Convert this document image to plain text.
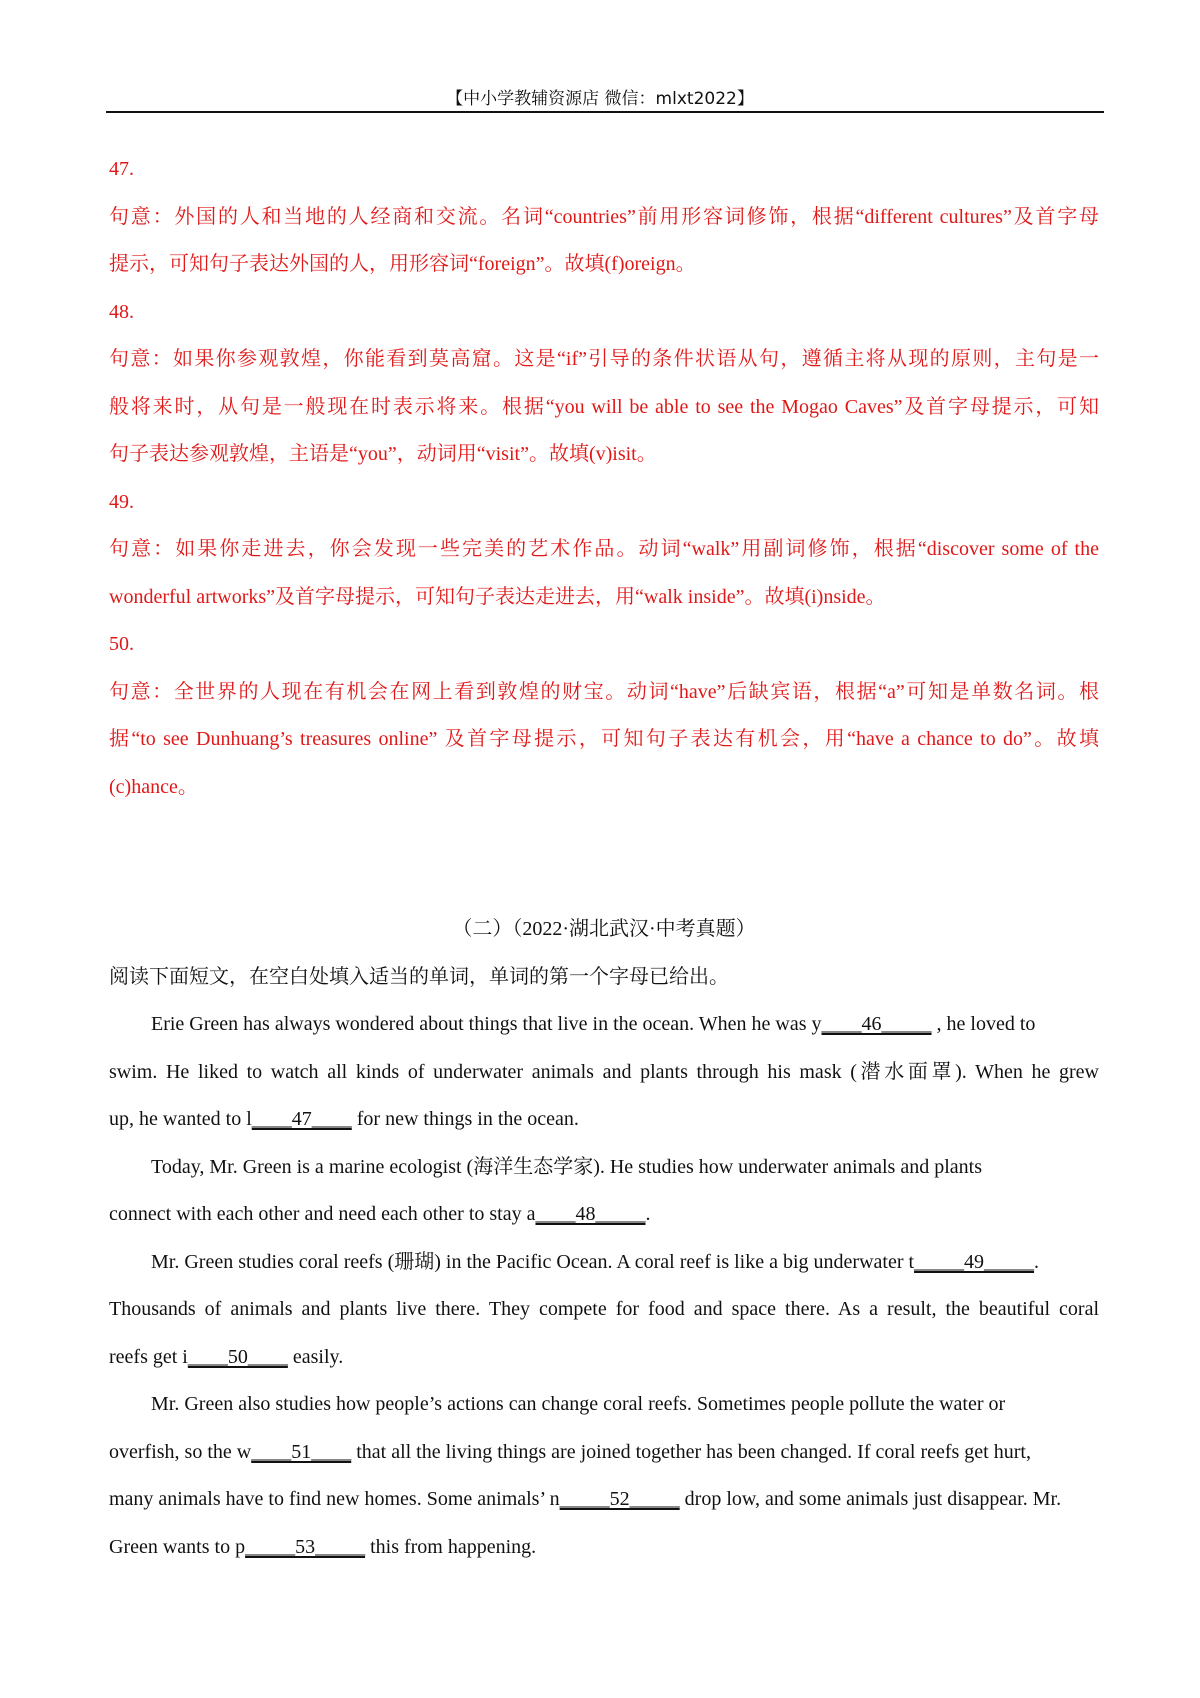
【中小学教辅资源店 微信：mlxt2022】
47.
句意：外国的人和当地的人经商和交流。名词“countries”前用形容词修饰，根据“different cultures”及首字母
提示，可知句子表达外国的人，用形容词“foreign”。故填(f)oreign。
48.
句意：如果你参观敦煌，你能看到莫高窟。这是“if”引导的条件状语从句，遵循主将从现的原则，主句是一
般将来时，从句是一般现在时表示将来。根据“you will be able to see the Mogao Caves”及首字母提示，可知
句子表达参观敦煌，主语是“you”，动词用“visit”。故填(v)isit。
49.
句意：如果你走进去，你会发现一些完美的艺术作品。动词“walk”用副词修饰，根据“discover some of the
wonderful artworks”及首字母提示，可知句子表达走进去，用“walk inside”。故填(i)nside。
50.
句意：全世界的人现在有机会在网上看到敦煌的财宝。动词“have”后缺宾语，根据“a”可知是单数名词。根
据“to see Dunhuang’s treasures online” 及首字母提示，可知句子表达有机会，用“have a chance to do”。故填
(c)hance。
（二）（2022·湖北武汉·中考真题）
阅读下面短文，在空白处填入适当的单词，单词的第一个字母已给出。
Erie Green has always wondered about things that live in the ocean. When he was y____46_____ , he loved to
swim. He liked to watch all kinds of underwater animals and plants through his mask (潜水面罩). When he grew
up, he wanted to l____47____ for new things in the ocean.
Today, Mr. Green is a marine ecologist (海洋生态学家). He studies how underwater animals and plants
connect with each other and need each other to stay a____48_____.
Mr. Green studies coral reefs (珊瑚) in the Pacific Ocean. A coral reef is like a big underwater t_____49_____.
Thousands of animals and plants live there. They compete for food and space there. As a result, the beautiful coral
reefs get i____50____ easily.
Mr. Green also studies how people’s actions can change coral reefs. Sometimes people pollute the water or
overfish, so the w____51____ that all the living things are joined together has been changed. If coral reefs get hurt,
many animals have to find new homes. Some animals’ n_____52_____ drop low, and some animals just disappear. Mr.
Green wants to p_____53_____ this from happening.
